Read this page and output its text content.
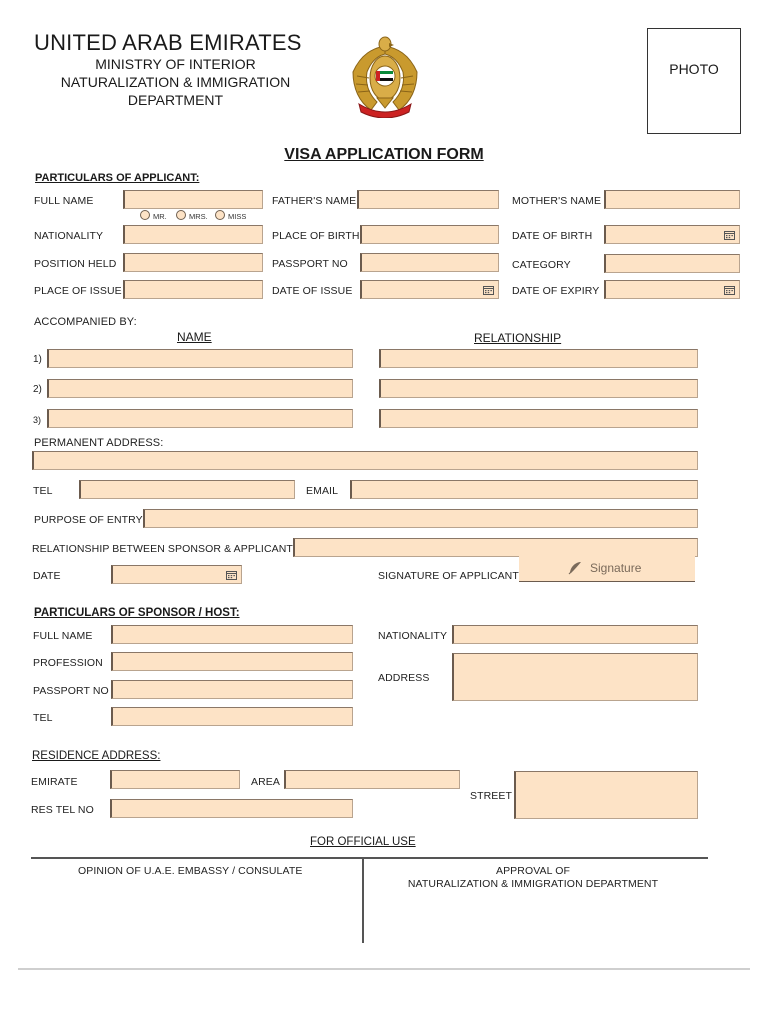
UNITED ARAB EMIRATES
MINISTRY OF INTERIOR
NATURALIZATION & IMMIGRATION
DEPARTMENT
PHOTO
VISA APPLICATION FORM
PARTICULARS OF APPLICANT:
FULL NAME	FATHER'S NAME	MOTHER'S NAME
MR.	MRS.	MISS
NATIONALITY	PLACE OF BIRTH	DATE OF BIRTH
POSITION HELD	PASSPORT NO	CATEGORY
PLACE OF ISSUE	DATE OF ISSUE	DATE OF EXPIRY
ACCOMPANIED BY:
NAME	RELATIONSHIP
1)
2)
3)
PERMANENT ADDRESS:
TEL	EMAIL
PURPOSE OF ENTRY
RELATIONSHIP BETWEEN SPONSOR & APPLICANT
DATE	SIGNATURE OF APPLICANT
Signature
PARTICULARS OF SPONSOR / HOST:
FULL NAME	NATIONALITY
PROFESSION
ADDRESS
PASSPORT NO
TEL
RESIDENCE ADDRESS:
EMIRATE	AREA
STREET
RES TEL NO
FOR OFFICIAL USE
OPINION OF U.A.E. EMBASSY / CONSULATE	APPROVAL OF
NATURALIZATION & IMMIGRATION DEPARTMENT
